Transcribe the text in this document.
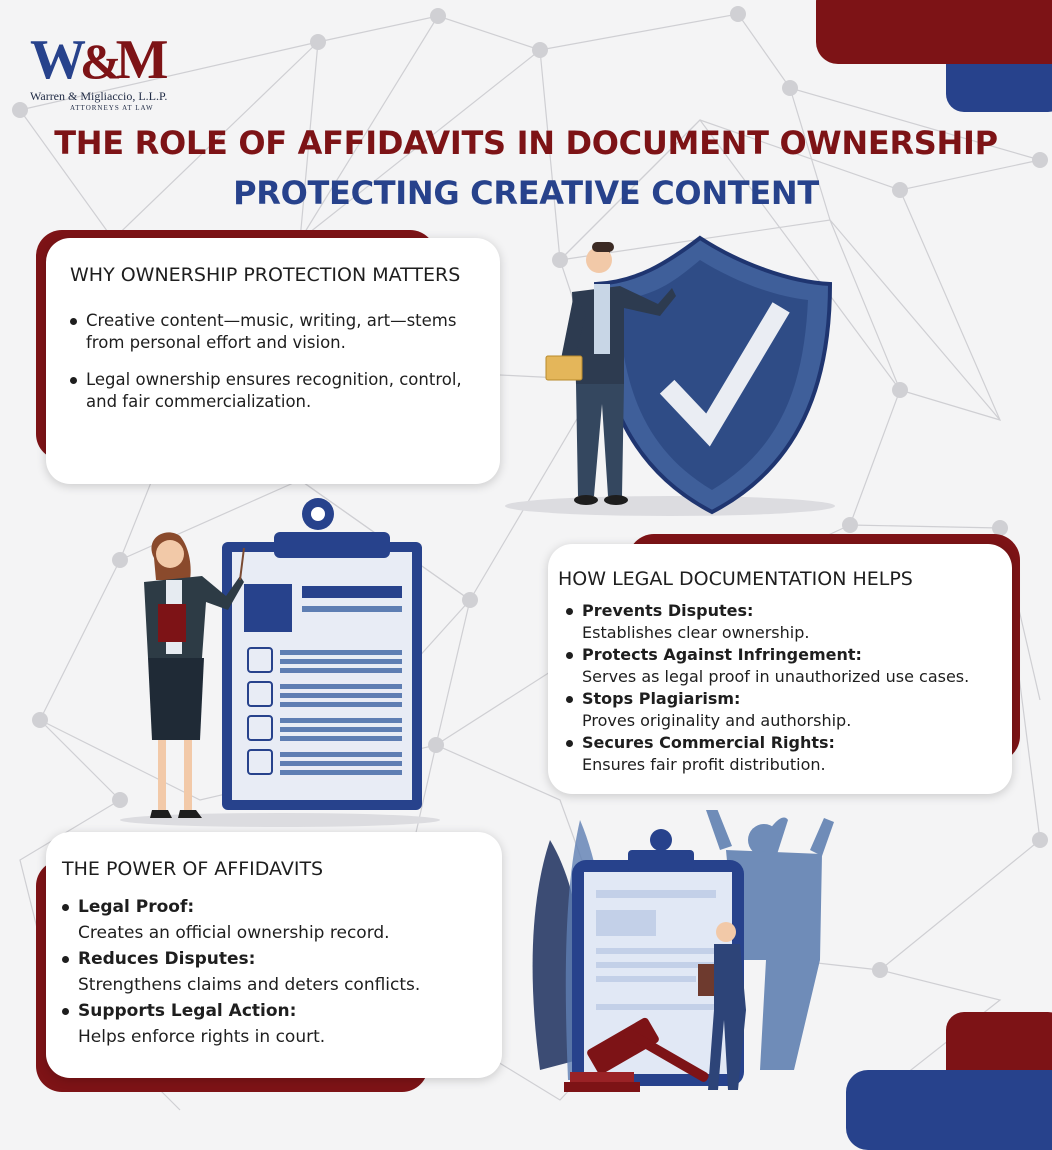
W&M
Warren & Migliaccio, L.L.P.
ATTORNEYS AT LAW
THE ROLE OF AFFIDAVITS IN DOCUMENT OWNERSHIP
PROTECTING CREATIVE CONTENT
WHY OWNERSHIP PROTECTION MATTERS
Creative content—music, writing, art—stems from personal effort and vision.
Legal ownership ensures recognition, control, and fair commercialization.
HOW LEGAL DOCUMENTATION HELPS
Prevents Disputes:
Establishes clear ownership.
Protects Against Infringement:
Serves as legal proof in unauthorized use cases.
Stops Plagiarism:
Proves originality and authorship.
Secures Commercial Rights:
Ensures fair profit distribution.
THE POWER OF AFFIDAVITS
Legal Proof:
Creates an official ownership record.
Reduces Disputes:
Strengthens claims and deters conflicts.
Supports Legal Action:
Helps enforce rights in court.
